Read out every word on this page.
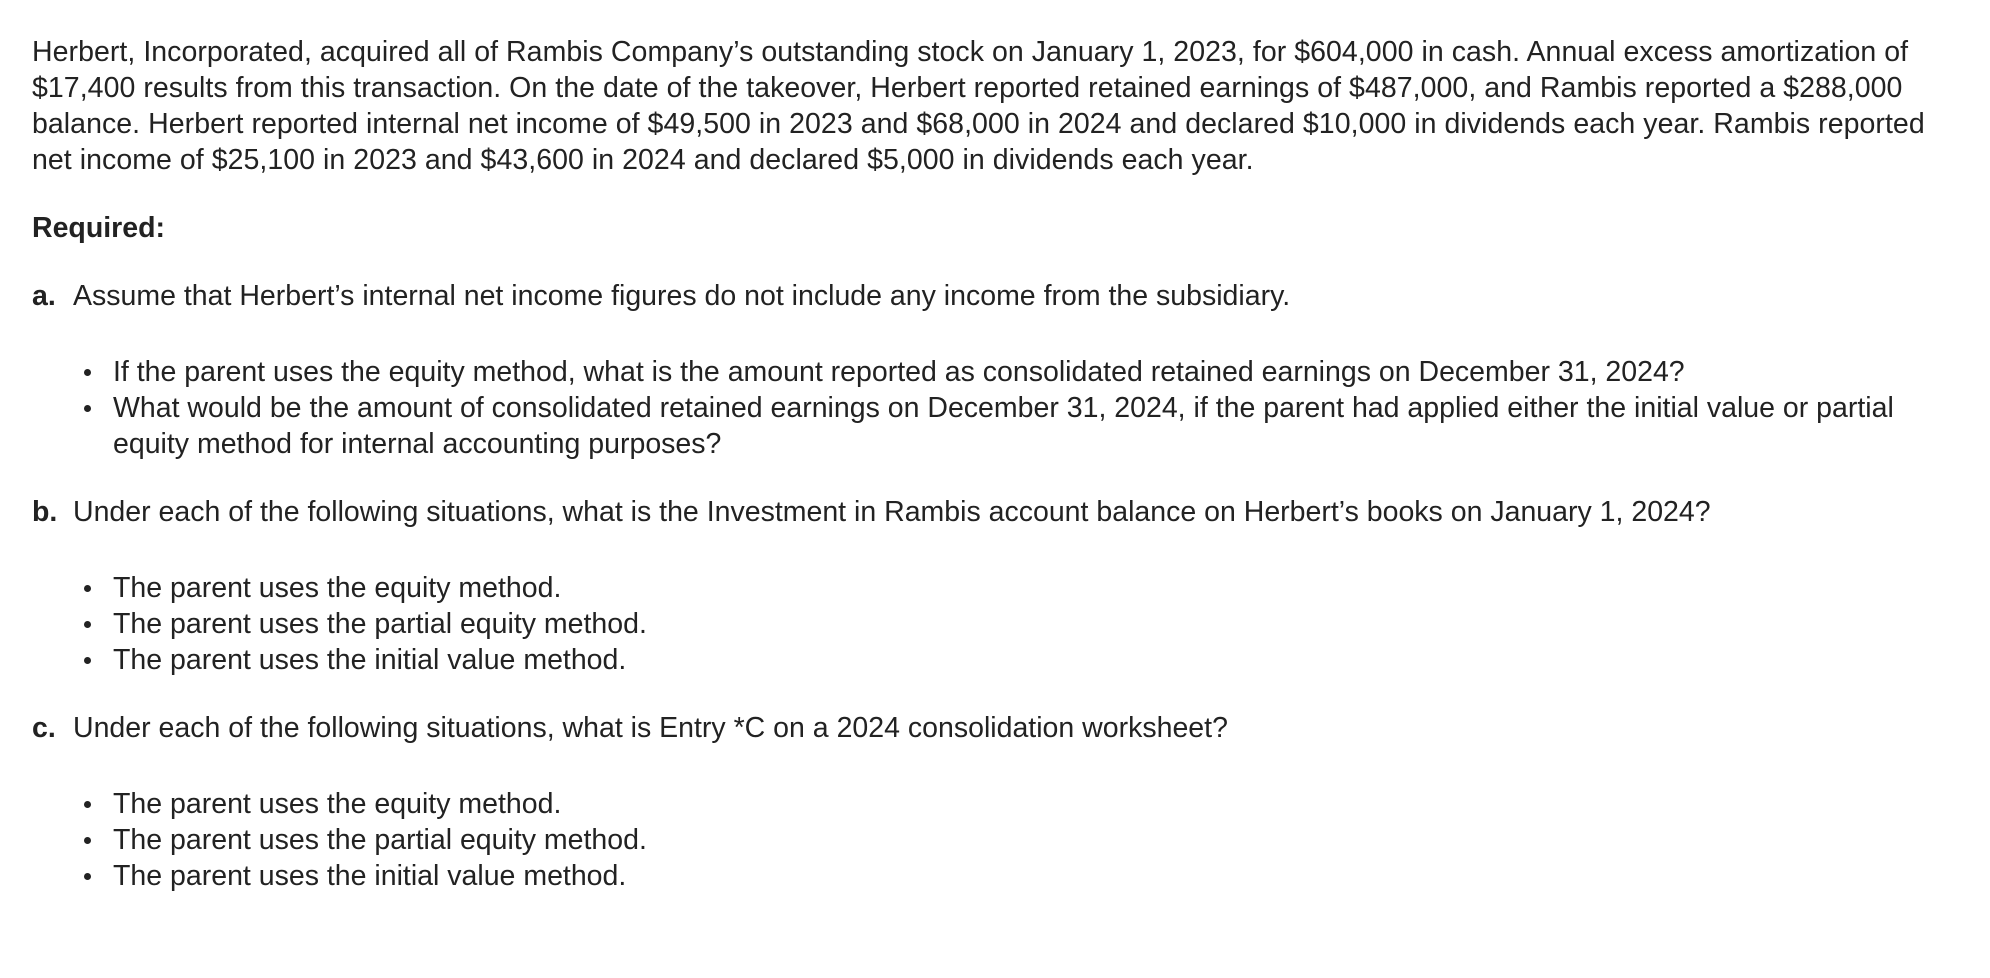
Herbert, Incorporated, acquired all of Rambis Company’s outstanding stock on January 1, 2023, for $604,000 in cash. Annual excess amortization of $17,400 results from this transaction. On the date of the takeover, Herbert reported retained earnings of $487,000, and Rambis reported a $288,000 balance. Herbert reported internal net income of $49,500 in 2023 and $68,000 in 2024 and declared $10,000 in dividends each year. Rambis reported net income of $25,100 in 2023 and $43,600 in 2024 and declared $5,000 in dividends each year.

Required:
a. Assume that Herbert’s internal net income figures do not include any income from the subsidiary.
If the parent uses the equity method, what is the amount reported as consolidated retained earnings on December 31, 2024?
What would be the amount of consolidated retained earnings on December 31, 2024, if the parent had applied either the initial value or partial equity method for internal accounting purposes?
b. Under each of the following situations, what is the Investment in Rambis account balance on Herbert’s books on January 1, 2024?
The parent uses the equity method.
The parent uses the partial equity method.
The parent uses the initial value method.
c. Under each of the following situations, what is Entry *C on a 2024 consolidation worksheet?
The parent uses the equity method.
The parent uses the partial equity method.
The parent uses the initial value method.
